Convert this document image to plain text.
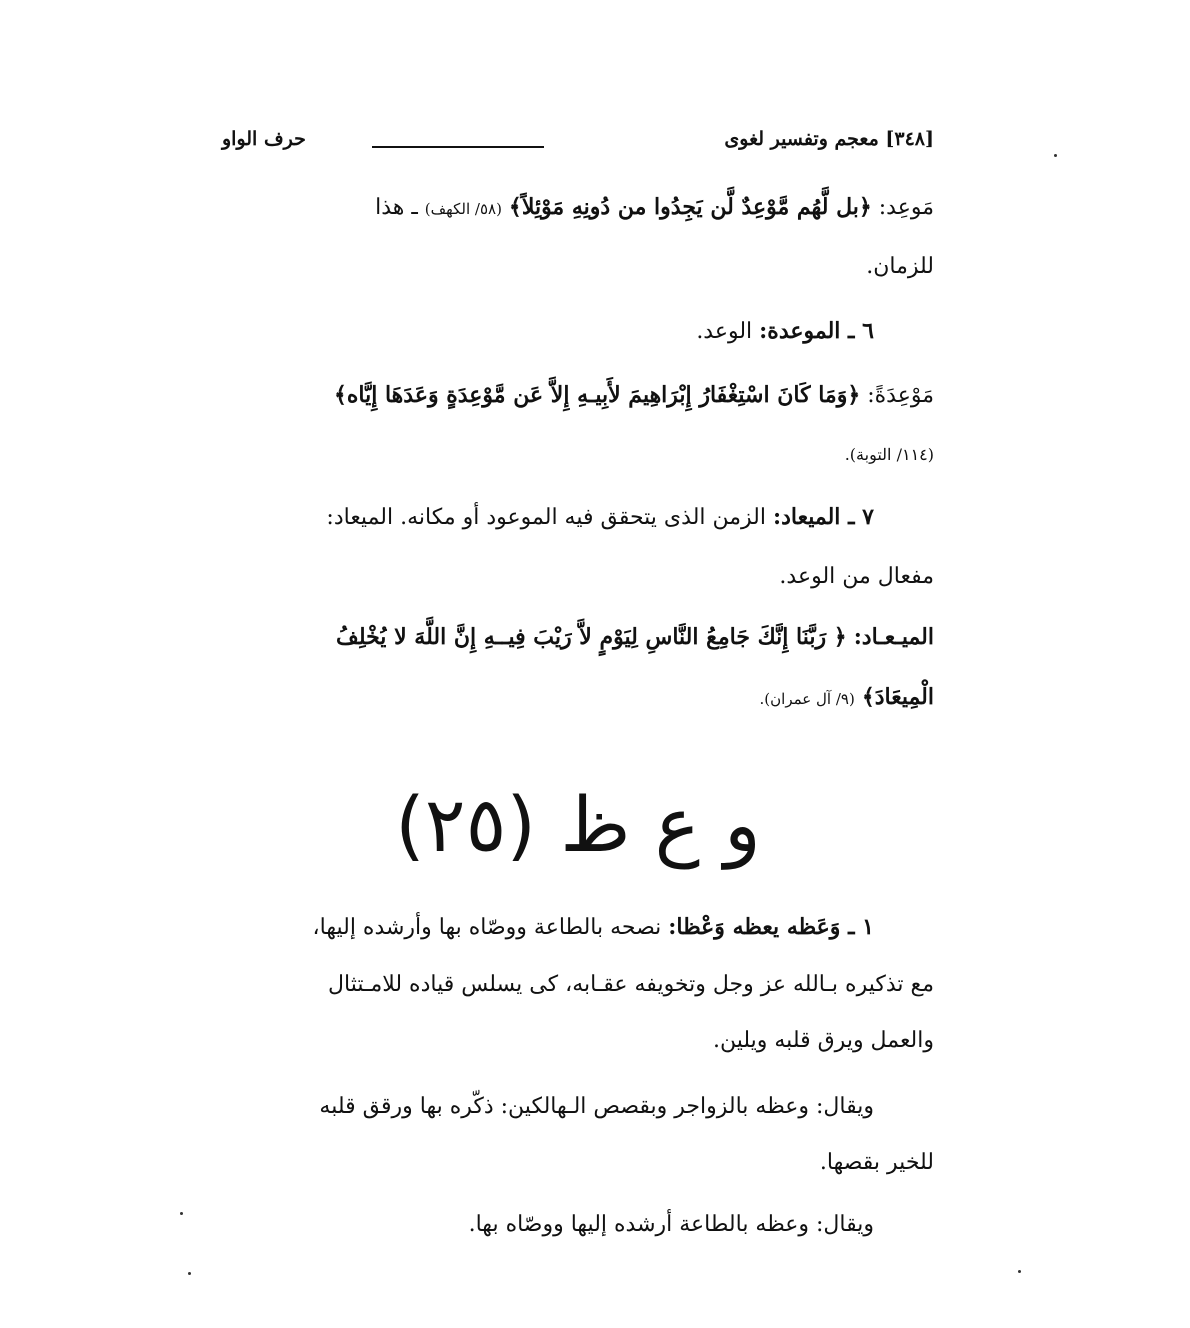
[٣٤٨] معجم وتفسير لغوى
حرف الواو
مَوعِد: ﴿بل لَّهُم مَّوْعِدٌ لَّن يَجِدُوا من دُونِهِ مَوْئِلاً﴾ (٥٨/ الكهف) ـ هذا
للزمان.
٦ ـ الموعدة: الوعد.
مَوْعِدَةً: ﴿وَمَا كَانَ اسْتِغْفَارُ إِبْرَاهِيمَ لأَبِيـهِ إِلاَّ عَن مَّوْعِدَةٍ وَعَدَهَا إِيَّاه﴾
(١١٤/ التوبة).
٧ ـ الميعاد: الزمن الذى يتحقق فيه الموعود أو مكانه. الميعاد:
مفعال من الوعد.
الميـعـاد: ﴿ رَبَّنَا إِنَّكَ جَامِعُ النَّاسِ لِيَوْمٍ لاَّ رَيْبَ فِيــهِ إِنَّ اللَّهَ لا يُخْلِفُ
الْمِيعَادَ﴾ (٩/ آل عمران).
و ع ظ (٢٥)
١ ـ وَعَظه يعظه وَعْظا: نصحه بالطاعة ووصّاه بها وأرشده إليها،
مع تذكيره بـالله عز وجل وتخويفه عقـابه، كى يسلس قياده للامـتثال
والعمل ويرق قلبه ويلين.
ويقال: وعظه بالزواجر وبقصص الـهالكين: ذكّره بها ورقق قلبه
للخير بقصها.
ويقال: وعظه بالطاعة أرشده إليها ووصّاه بها.
